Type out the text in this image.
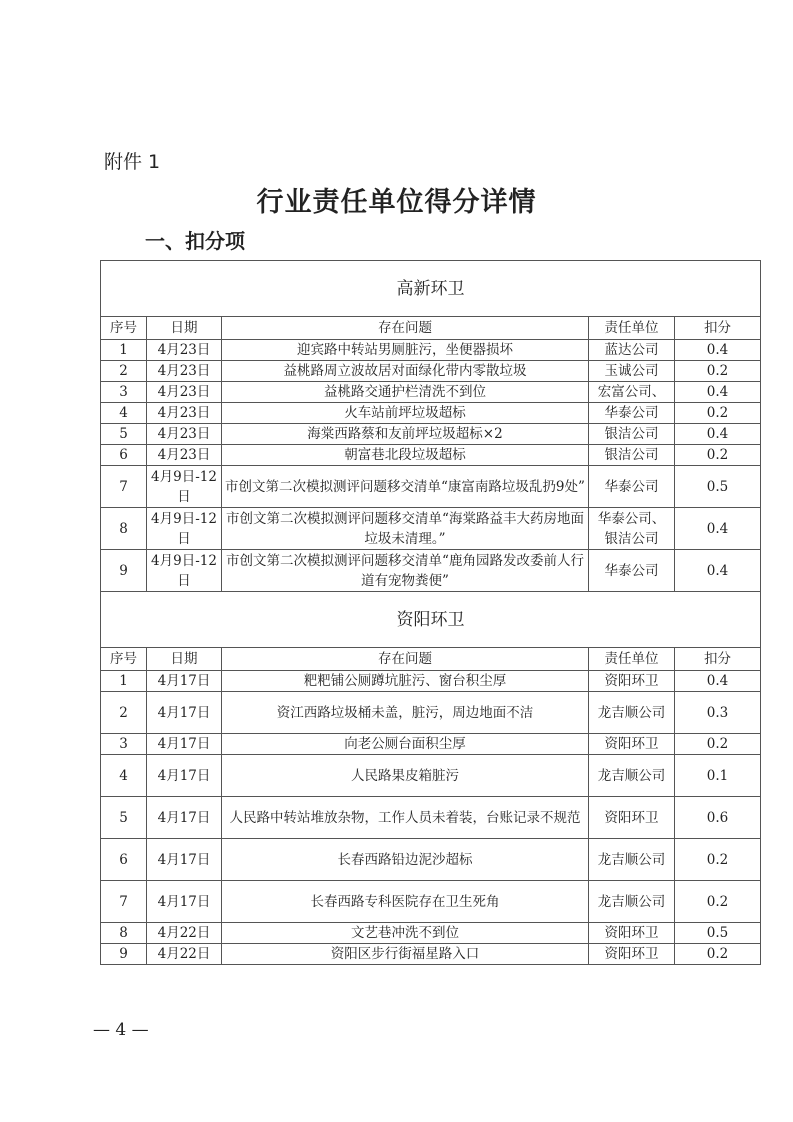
附件 1
行业责任单位得分详情
一、扣分项
高新环卫				
序号	日期	存在问题	责任单位	扣分
1	4月23日	迎宾路中转站男厕脏污，坐便器损坏	蓝达公司	0.4
2	4月23日	益桃路周立波故居对面绿化带内零散垃圾	玉诚公司	0.2
3	4月23日	益桃路交通护栏清洗不到位	宏富公司、	0.4
4	4月23日	火车站前坪垃圾超标	华泰公司	0.2
5	4月23日	海棠西路蔡和友前坪垃圾超标×2	银洁公司	0.4
6	4月23日	朝富巷北段垃圾超标	银洁公司	0.2
7	4月9日-12日	市创文第二次模拟测评问题移交清单“康富南路垃圾乱扔9处”	华泰公司	0.5
8	4月9日-12日	市创文第二次模拟测评问题移交清单“海棠路益丰大药房地面垃圾未清理。”	华泰公司、银洁公司	0.4
9	4月9日-12日	市创文第二次模拟测评问题移交清单“鹿角园路发改委前人行道有宠物粪便”	华泰公司	0.4
资阳环卫				
序号	日期	存在问题	责任单位	扣分
1	4月17日	粑粑铺公厕蹲坑脏污、窗台积尘厚	资阳环卫	0.4
2	4月17日	资江西路垃圾桶未盖，脏污，周边地面不洁	龙吉顺公司	0.3
3	4月17日	向老公厕台面积尘厚	资阳环卫	0.2
4	4月17日	人民路果皮箱脏污	龙吉顺公司	0.1
5	4月17日	人民路中转站堆放杂物，工作人员未着装，台账记录不规范	资阳环卫	0.6
6	4月17日	长春西路铅边泥沙超标	龙吉顺公司	0.2
7	4月17日	长春西路专科医院存在卫生死角	龙吉顺公司	0.2
8	4月22日	文艺巷冲洗不到位	资阳环卫	0.5
9	4月22日	资阳区步行街福星路入口	资阳环卫	0.2
— 4 —
